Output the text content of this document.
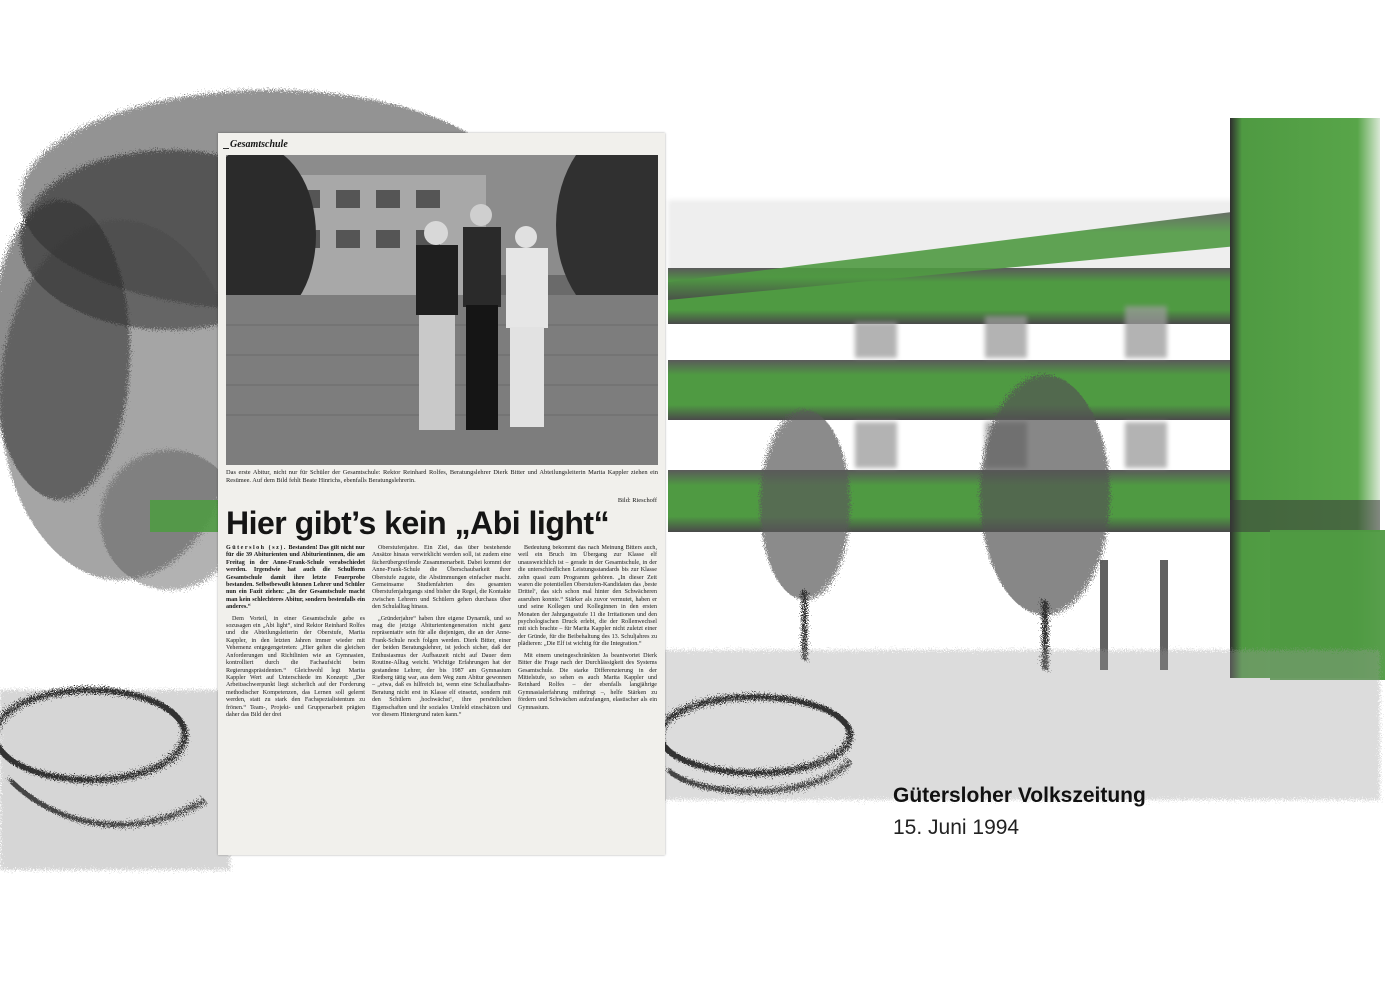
Gesamtschule
Das erste Abitur, nicht nur für Schüler der Gesamtschule: Rektor Reinhard Rolfes, Beratungslehrer Dierk Bitter und Abteilungsleiterin Marita Kappler ziehen ein Resümee. Auf dem Bild fehlt Beate Hinrichs, ebenfalls Beratungslehrerin.
Bild: Rieschoff
Hier gibt’s kein „Abi light“

Gütersloh (sz). Bestanden! Das gilt nicht nur für die 39 Abiturienten und Abiturientinnen, die am Freitag in der Anne-Frank-Schule verabschiedet werden. Irgendwie hat auch die Schulform Gesamtschule damit ihre letzte Feuerprobe bestanden. Selbstbewußt können Lehrer und Schüler nun ein Fazit ziehen: „In der Gesamtschule macht man kein schlechteres Abitur, sondern bestenfalls ein anderes.“

Dem Vorteil, in einer Gesamtschule gebe es sozusagen ein „Abi light“, sind Rektor Reinhard Rolfes und die Abteilungsleiterin der Oberstufe, Marita Kappler, in den letzten Jahren immer wieder mit Vehemenz entgegengetreten: „Hier gelten die gleichen Anforderungen und Richtlinien wie an Gymnasien, kontrolliert durch die Fachaufsicht beim Regierungspräsidenten.“ Gleichwohl legt Marita Kappler Wert auf Unterschiede im Konzept: „Der Arbeitsschwerpunkt liegt sicherlich auf der Forderung methodischer Kompetenzen, das Lernen soll gelernt werden, statt zu stark den Fachspezialistentum zu frönen.“ Team-, Projekt- und Gruppenarbeit prägten daher das Bild der drei

Oberstufenjahre. Ein Ziel, das über bestehende Ansätze hinaus verwirklicht werden soll, ist zudem eine fächerübergreifende Zusammenarbeit. Dabei kommt der Anne-Frank-Schule die Überschaubarkeit ihrer Oberstufe zugute, die Abstimmungen einfacher macht. Gemeinsame Studienfahrten des gesamten Oberstufenjahrgangs sind bisher die Regel, die Kontakte zwischen Lehrern und Schülern gehen durchaus über den Schulalltag hinaus.

„Gründerjahre“ haben ihre eigene Dynamik, und so mag die jetzige Abiturientengeneration nicht ganz repräsentativ sein für alle diejenigen, die an der Anne-Frank-Schule noch folgen werden. Dierk Bitter, einer der beiden Beratungslehrer, ist jedoch sicher, daß der Enthusiasmus der Aufbauzeit nicht auf Dauer dem Routine-Alltag weicht. Wichtige Erfahrungen hat der gestandene Lehrer, der bis 1987 am Gymnasium Rietberg tätig war, aus dem Weg zum Abitur gewonnen – „etwa, daß es hilfreich ist, wenn eine Schullaufbahn-Beratung nicht erst in Klasse elf einsetzt, sondern mit den Schülern ‚hochwächst‘, ihre persönlichen Eigenschaften und ihr soziales Umfeld einschätzen und vor diesem Hintergrund raten kann.“

Bedeutung bekommt das nach Meinung Bitters auch, weil ein Bruch im Übergang zur Klasse elf unausweichlich ist – gerade in der Gesamtschule, in der die unterschiedlichen Leistungsstandards bis zur Klasse zehn quasi zum Programm gehören. „In dieser Zeit waren die potentiellen Oberstufen-Kandidaten das ‚beste Drittel‘, das sich schon mal hinter den Schwächeren ausruhen konnte.“ Stärker als zuvor vermutet, haben er und seine Kollegen und Kolleginnen in den ersten Monaten der Jahrgangsstufe 11 die Irritationen und den psychologischen Druck erlebt, die der Rollenwechsel mit sich brachte – für Marita Kappler nicht zuletzt einer der Gründe, für die Beibehaltung des 13. Schuljahres zu plädieren: „Die Elf ist wichtig für die Integration.“

Mit einem uneingeschränkten Ja beantwortet Dierk Bitter die Frage nach der Durchlässigkeit des Systems Gesamtschule. Die starke Differenzierung in der Mittelstufe, so sehen es auch Marita Kappler und Reinhard Rolfes – der ebenfalls langjährige Gymnasialerfahrung mitbringt –, helfe Stärken zu fördern und Schwächen aufzufangen, elastischer als ein Gymnasium.

Gütersloher Volkszeitung
15. Juni 1994
